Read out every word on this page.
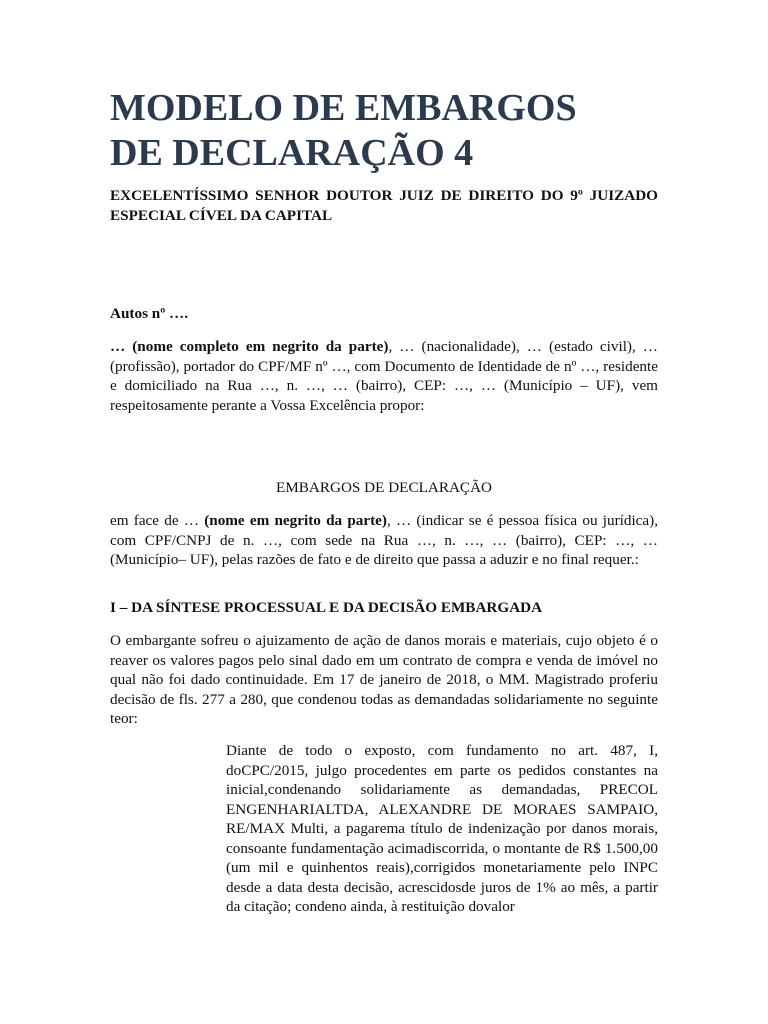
MODELO DE EMBARGOS
DE DECLARAÇÃO 4

EXCELENTÍSSIMO SENHOR DOUTOR JUIZ DE DIREITO DO 9º JUIZADO ESPECIAL CÍVEL DA CAPITAL

Autos nº ….

… (nome completo em negrito da parte), … (nacionalidade), … (estado civil), … (profissão), portador do CPF/MF nº …, com Documento de Identidade de nº …, residente e domiciliado na Rua …, n. …, … (bairro), CEP: …, … (Município – UF), vem respeitosamente perante a Vossa Excelência propor:

EMBARGOS DE DECLARAÇÃO

em face de … (nome em negrito da parte), … (indicar se é pessoa física ou jurídica), com CPF/CNPJ de n. …, com sede na Rua …, n. …, … (bairro), CEP: …, … (Município– UF), pelas razões de fato e de direito que passa a aduzir e no final requer.:

I – DA SÍNTESE PROCESSUAL E DA DECISÃO EMBARGADA

O embargante sofreu o ajuizamento de ação de danos morais e materiais, cujo objeto é o reaver os valores pagos pelo sinal dado em um contrato de compra e venda de imóvel no qual não foi dado continuidade. Em 17 de janeiro de 2018, o MM. Magistrado proferiu decisão de fls. 277 a 280, que condenou todas as demandadas solidariamente no seguinte teor:

Diante de todo o exposto, com fundamento no art. 487, I, doCPC/2015, julgo procedentes em parte os pedidos constantes na inicial,condenando solidariamente as demandadas, PRECOL ENGENHARIALTDA, ALEXANDRE DE MORAES SAMPAIO, RE/MAX Multi, a pagarema título de indenização por danos morais, consoante fundamentação acimadiscorrida, o montante de R$ 1.500,00 (um mil e quinhentos reais),corrigidos monetariamente pelo INPC desde a data desta decisão, acrescidosde juros de 1% ao mês, a partir da citação; condeno ainda, à restituição dovalor
